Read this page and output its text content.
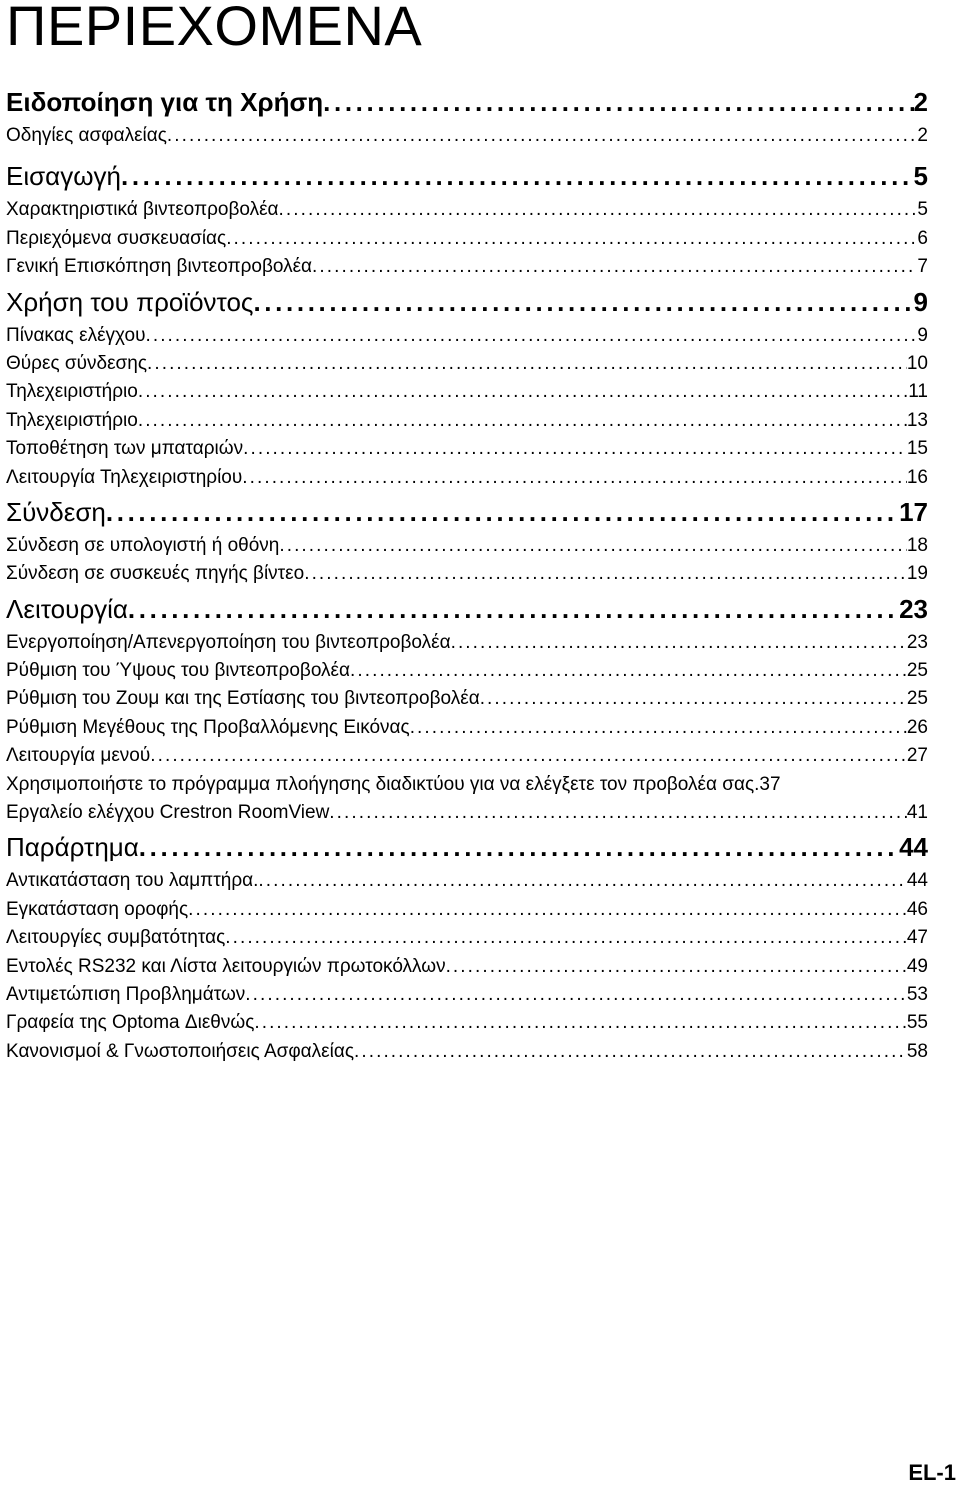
ΠΕΡΙΕΧΟΜΕΝΑ
Ειδοποίηση για τη Χρήση . . .	2
Οδηγίες ασφαλείας . . .	2
Εισαγωγή . . .	5
Χαρακτηριστικά βιντεοπροβολέα . . .	5
Περιεχόμενα συσκευασίας . . .	6
Γενική Επισκόπηση βιντεοπροβολέα . . .	7
Χρήση του προϊόντος . . .	9
Πίνακας ελέγχου . . .	9
Θύρες σύνδεσης . . .	10
Τηλεχειριστήριο . . .	11
Τηλεχειριστήριο . . .	13
Τοποθέτηση των μπαταριών . . .	15
Λειτουργία Τηλεχειριστηρίου . . .	16
Σύνδεση . . .	17
Σύνδεση σε υπολογιστή ή οθόνη . . .	18
Σύνδεση σε συσκευές πηγής βίντεο . . .	19
Λειτουργία . . .	23
Ενεργοποίηση/Απενεργοποίηση του βιντεοπροβολέα . . .	23
Ρύθμιση του Ύψους του βιντεοπροβολέα . . .	25
Ρύθμιση του Ζουμ και της Εστίασης του βιντεοπροβολέα . . .	25
Ρύθμιση Μεγέθους της Προβαλλόμενης Εικόνας . . .	26
Λειτουργία μενού . . .	27
Χρησιμοποιήστε το πρόγραμμα πλοήγησης διαδικτύου για να ελέγξετε τον προβολέα σας. 37
Εργαλείο ελέγχου Crestron RoomView . . .	41
Παράρτημα . . .	44
Αντικατάσταση του λαμπτήρα. . . .	44
Εγκατάσταση οροφής . . .	46
Λειτουργίες συμβατότητας . . .	47
Εντολές RS232 και Λίστα λειτουργιών πρωτοκόλλων . . .	49
Αντιμετώπιση Προβλημάτων . . .	53
Γραφεία της Optoma Διεθνώς . . .	55
Κανονισμοί & Γνωστοποιήσεις Ασφαλείας . . .	58
EL-1
